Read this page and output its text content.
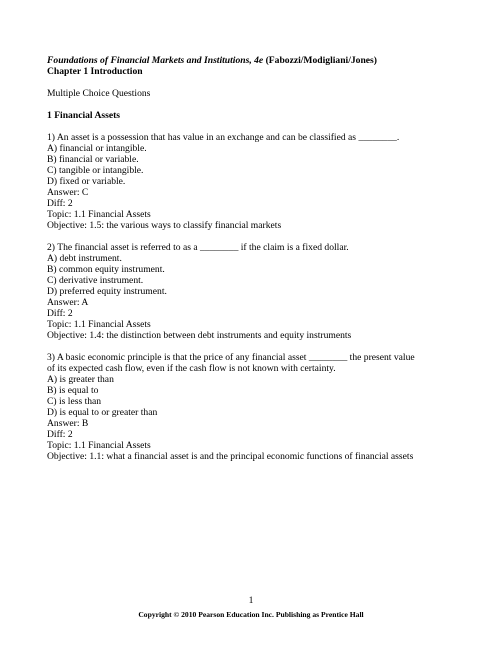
Foundations of Financial Markets and Institutions, 4e (Fabozzi/Modigliani/Jones)
Chapter 1 Introduction
Multiple Choice Questions
1 Financial Assets
1) An asset is a possession that has value in an exchange and can be classified as ________.
A) financial or intangible.
B) financial or variable.
C) tangible or intangible.
D) fixed or variable.
Answer: C
Diff: 2
Topic: 1.1 Financial Assets
Objective: 1.5: the various ways to classify financial markets
2) The financial asset is referred to as a ________ if the claim is a fixed dollar.
A) debt instrument.
B) common equity instrument.
C) derivative instrument.
D) preferred equity instrument.
Answer: A
Diff: 2
Topic: 1.1 Financial Assets
Objective: 1.4: the distinction between debt instruments and equity instruments
3) A basic economic principle is that the price of any financial asset ________ the present value
of its expected cash flow, even if the cash flow is not known with certainty.
A) is greater than
B) is equal to
C) is less than
D) is equal to or greater than
Answer: B
Diff: 2
Topic: 1.1 Financial Assets
Objective: 1.1: what a financial asset is and the principal economic functions of financial assets
1
Copyright © 2010 Pearson Education Inc. Publishing as Prentice Hall
